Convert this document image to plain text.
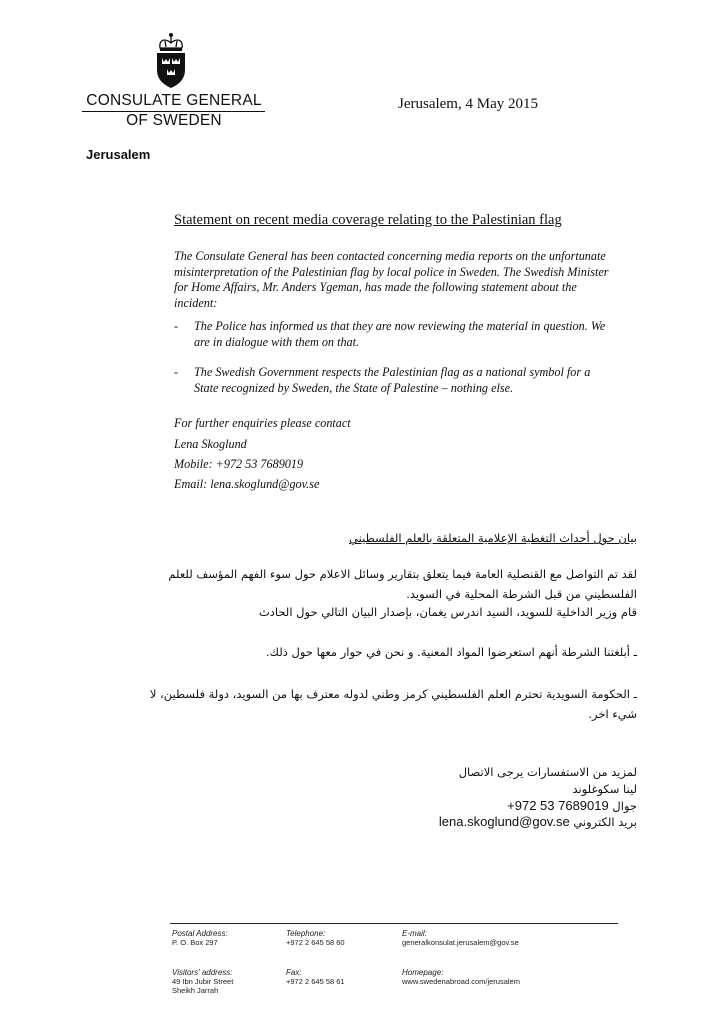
CONSULATE GENERAL
OF SWEDEN
Jerusalem, 4 May 2015
Jerusalem
Statement on recent media coverage relating to the Palestinian flag
The Consulate General has been contacted concerning media reports on the unfortunate misinterpretation of the Palestinian flag by local police in Sweden. The Swedish Minister for Home Affairs, Mr. Anders Ygeman, has made the following statement about the incident:
- The Police has informed us that they are now reviewing the material in question. We are in dialogue with them on that.
- The Swedish Government respects the Palestinian flag as a national symbol for a State recognized by Sweden, the State of Palestine – nothing else.
For further enquiries please contact
Lena Skoglund
Mobile: +972 53 7689019
Email: lena.skoglund@gov.se
بيان حول أحداث التغطية الإعلامية المتعلقة بالعلم الفلسطيني
لقد تم التواصل مع القنصلية العامة فيما يتعلق بتقارير وسائل الاعلام حول سوء الفهم المؤسف للعلم
الفلسطيني من قبل الشرطة المحلية في السويد.
قام وزير الداخلية للسويد، السيد اندرس يغمان، بإصدار البيان التالي حول الحادث
ـ أبلغتنا الشرطة أنهم استعرضوا المواد المعنية. و نحن في حوار معها حول ذلك.
ـ الحكومة السويدية تحترم العلم الفلسطيني كرمز وطني لدوله معترف بها من السويد، دولة فلسطين، لا
شيء اخر.
لمزيد من الاستفسارات يرجى الاتصال
لينا سكوغلوند
جوال +972 53 7689019
بريد الكتروني lena.skoglund@gov.se
Postal Address:
P. O. Box 297
Telephone:
+972 2 645 58 60
E-mail:
generalkonsulat.jerusalem@gov.se
Visitors' address:
49 Ibn Jubir Street
Sheikh Jarrah
Fax:
+972 2 645 58 61
Homepage:
www.swedenabroad.com/jerusalem
